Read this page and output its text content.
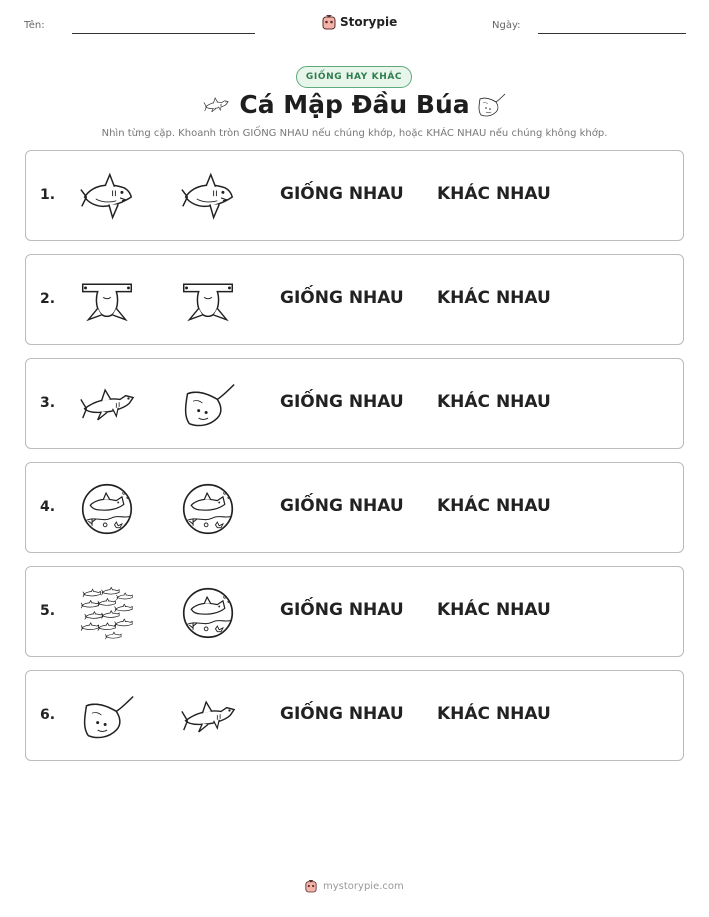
Tên:	Storypie	Ngày:
GIỐNG HAY KHÁC
Cá Mập Đầu Búa
Nhìn từng cặp. Khoanh tròn GIỐNG NHAU nếu chúng khớp, hoặc KHÁC NHAU nếu chúng không khớp.
1.	GIỐNG NHAU KHÁC NHAU
2.	GIỐNG NHAU KHÁC NHAU
3.	GIỐNG NHAU KHÁC NHAU
4.	GIỐNG NHAU KHÁC NHAU
5.	GIỐNG NHAU KHÁC NHAU
6.	GIỐNG NHAU KHÁC NHAU
mystorypie.com
